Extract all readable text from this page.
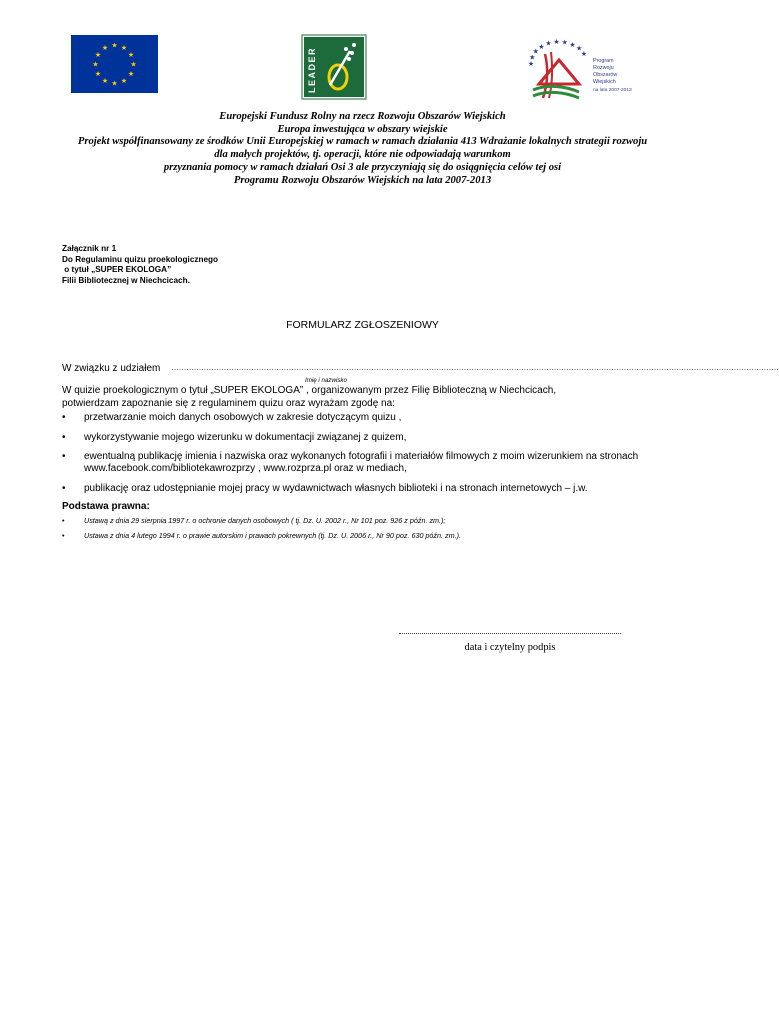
★ ★
★
★
★
★
★
★
★
★
★
★	LEADER	★
★
★
★ ★ ★ ★ ★ ★
★
Program
Rozwoju
Obszarów
Wiejskich
na lata 2007-2013
Europejski Fundusz Rolny na rzecz Rozwoju Obszarów Wiejskich
Europa inwestująca w obszary wiejskie
Projekt współfinansowany ze środków Unii Europejskiej w ramach w ramach działania 413 Wdrażanie lokalnych strategii rozwoju
dla małych projektów, tj. operacji, które nie odpowiadają warunkom
przyznania pomocy w ramach działań Osi 3 ale przyczyniają się do osiągnięcia celów tej osi
Programu Rozwoju Obszarów Wiejskich na lata 2007-2013
Załącznik nr 1
Do Regulaminu quizu proekologicznego
o tytuł „SUPER EKOLOGA”
Filii Bibliotecznej w Niechcicach.
FORMULARZ ZGŁOSZENIOWY
W związku z udziałem ………………………………………………………………………………………………………………………………………………………………………………………………………………………
Imię i nazwisko
W quizie proekologicznym o tytuł „SUPER EKOLOGA” , organizowanym przez Filię Biblioteczną w Niechcicach,
potwierdzam zapoznanie się z regulaminem quizu oraz wyrażam zgodę na:
• przetwarzanie moich danych osobowych w zakresie dotyczącym quizu ,
• wykorzystywanie mojego wizerunku w dokumentacji związanej z quizem,
• ewentualną publikację imienia i nazwiska oraz wykonanych fotografii i materiałów filmowych z moim wizerunkiem na stronach
www.facebook.com/bibliotekawrozprzy , www.rozprza.pl oraz w mediach,
• publikację oraz udostępnianie mojej pracy w wydawnictwach własnych biblioteki i na stronach internetowych – j.w.
Podstawa prawna:
•	Ustawą z dnia 29 sierpnia 1997 r. o ochronie danych osobowych ( tj. Dz. U. 2002 r., Nr 101 poz. 926 z późn. zm.);
•	Ustawa z dnia 4 lutego 1994 r. o prawie autorskim i prawach pokrewnych (tj. Dz. U. 2006 r., Nr 90 poz. 630 późn. zm.).
data i czytelny podpis
